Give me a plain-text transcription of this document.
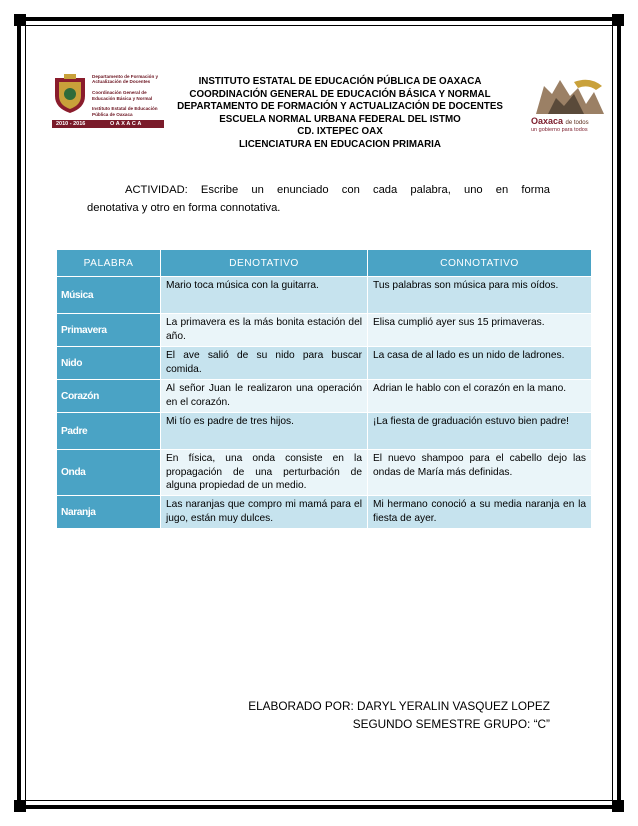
Departamento de Formación y
Actualización de Docentes

Coordinación General de
Educación Básica y Normal

Instituto Estatal de Educación
Pública de Oaxaca
2010 - 2016	OAXACA
INSTITUTO ESTATAL DE EDUCACIÓN PÚBLICA DE OAXACA
COORDINACIÓN GENERAL DE EDUCACIÓN BÁSICA Y NORMAL
DEPARTAMENTO DE FORMACIÓN Y ACTUALIZACIÓN DE DOCENTES
ESCUELA NORMAL URBANA FEDERAL DEL ISTMO
CD. IXTEPEC OAX
LICENCIATURA EN EDUCACION PRIMARIA
Oaxaca de todos
un gobierno para todos
ACTIVIDAD: Escribe un enunciado con cada palabra, uno en forma
denotativa y otro en forma connotativa.
PALABRA	DENOTATIVO	CONNOTATIVO
Música	Mario toca música con la guitarra.	Tus palabras son música para mis oídos.
Primavera	La primavera es la más bonita estación del año.	Elisa cumplió ayer sus 15 primaveras.
Nido	El ave salió de su nido para buscar comida.	La casa de al lado es un nido de ladrones.
Corazón	Al señor Juan le realizaron una operación en el corazón.	Adrian le hablo con el corazón en la mano.
Padre	Mi tío es padre de tres hijos.	¡La fiesta de graduación estuvo bien padre!
Onda	En física, una onda consiste en la propagación de una perturbación de alguna propiedad de un medio.	El nuevo shampoo para el cabello dejo las ondas de María más definidas.
Naranja	Las naranjas que compro mi mamá para el jugo, están muy dulces.	Mi hermano conoció a su media naranja en la fiesta de ayer.
ELABORADO POR: DARYL YERALIN VASQUEZ LOPEZ
SEGUNDO SEMESTRE GRUPO: “C”
